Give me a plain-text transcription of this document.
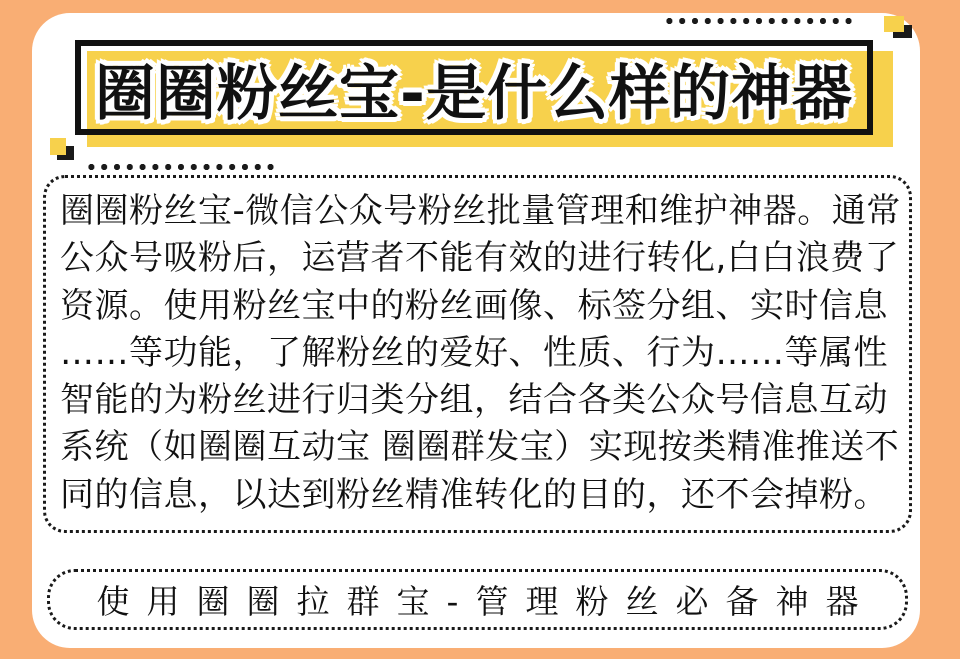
圈圈粉丝宝-是什么样的神器
圈圈粉丝宝-微信公众号粉丝批量管理和维护神器。通常
公众号吸粉后，运营者不能有效的进行转化,白白浪费了
资源。使用粉丝宝中的粉丝画像、标签分组、实时信息
……等功能，了解粉丝的爱好、性质、行为……等属性
智能的为粉丝进行归类分组，结合各类公众号信息互动
系统（如圈圈互动宝 圈圈群发宝）实现按类精准推送不
同的信息，以达到粉丝精准转化的目的，还不会掉粉。
使用圈圈拉群宝-管理粉丝必备神器
